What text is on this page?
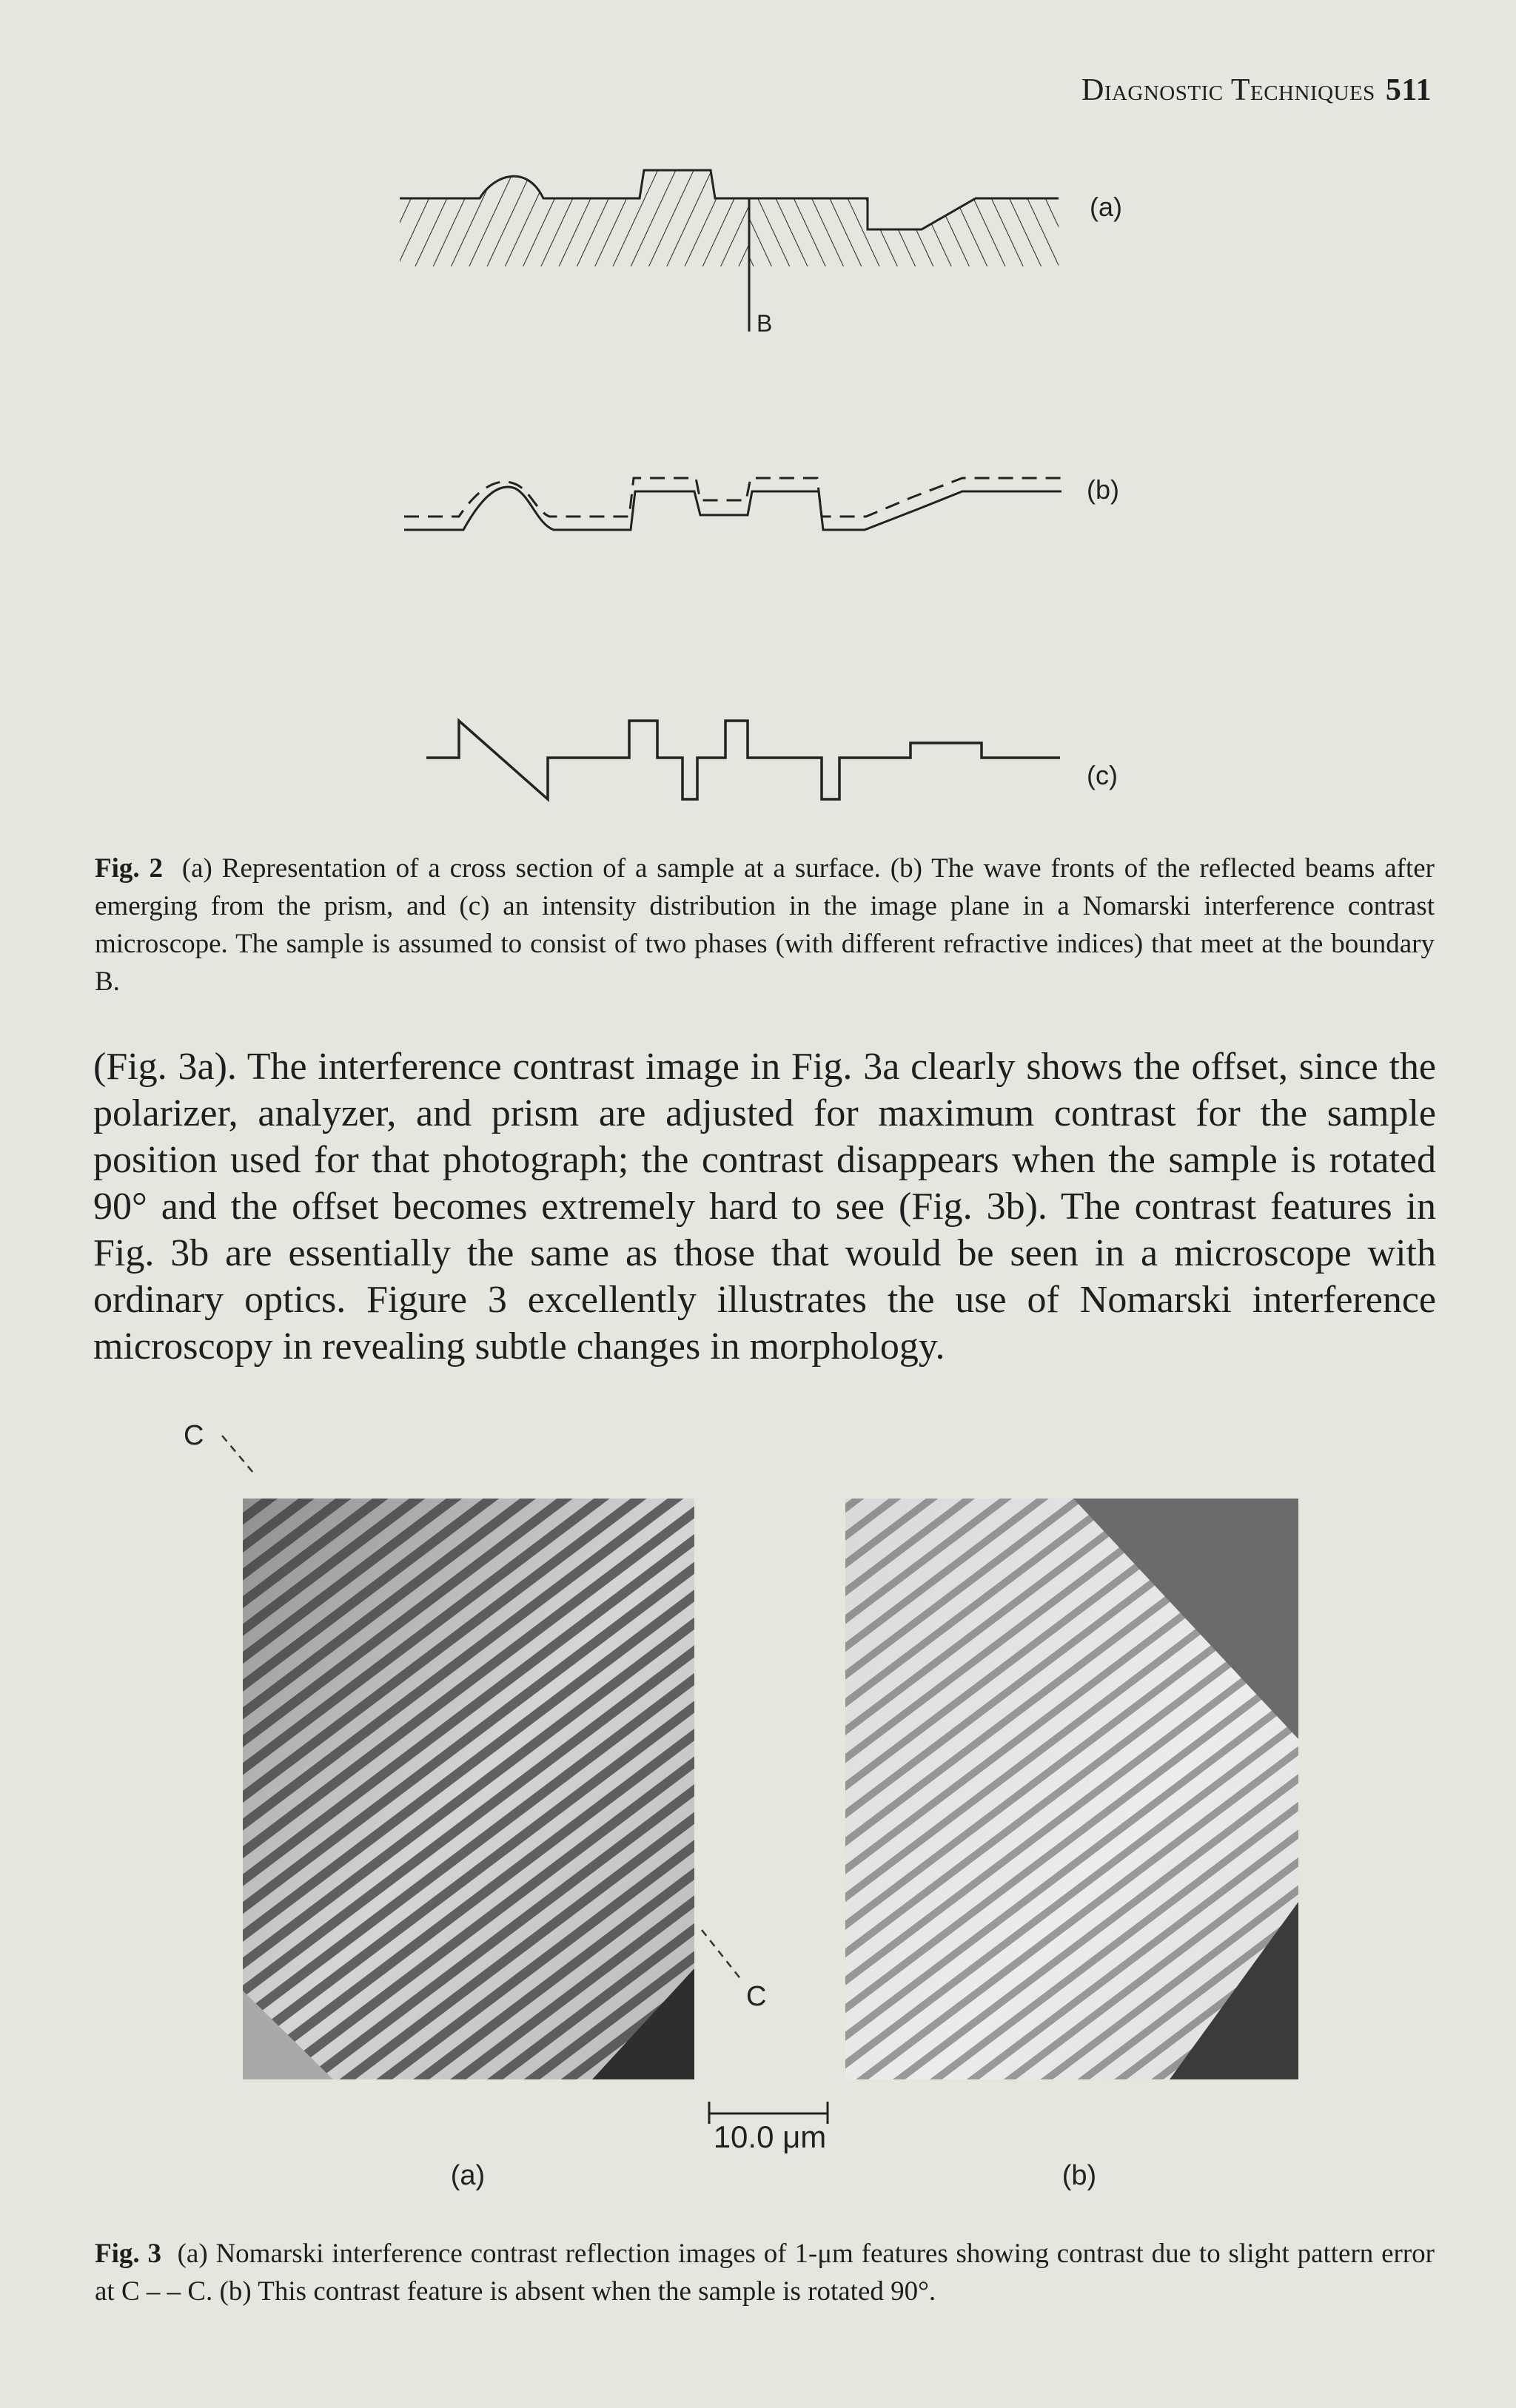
Diagnostic Techniques 511
B
(a)
(b)
(c)
C
C
10.0 μm
(a)	(b)
Fig. 2 (a) Representation of a cross section of a sample at a surface. (b) The wave fronts of the reflected beams after emerging from the prism, and (c) an intensity distribution in the image plane in a Nomarski interference contrast microscope. The sample is assumed to consist of two phases (with different refractive indices) that meet at the boundary B.
(Fig. 3a). The interference contrast image in Fig. 3a clearly shows the offset, since the polarizer, analyzer, and prism are adjusted for maximum contrast for the sample position used for that photograph; the contrast disappears when the sample is rotated 90° and the offset becomes extremely hard to see (Fig. 3b). The contrast features in Fig. 3b are essentially the same as those that would be seen in a microscope with ordinary optics. Figure 3 excellently illustrates the use of Nomarski interference microscopy in revealing subtle changes in morphology.
Fig. 3 (a) Nomarski interference contrast reflection images of 1-μm features showing contrast due to slight pattern error at C – – C. (b) This contrast feature is absent when the sample is rotated 90°.
